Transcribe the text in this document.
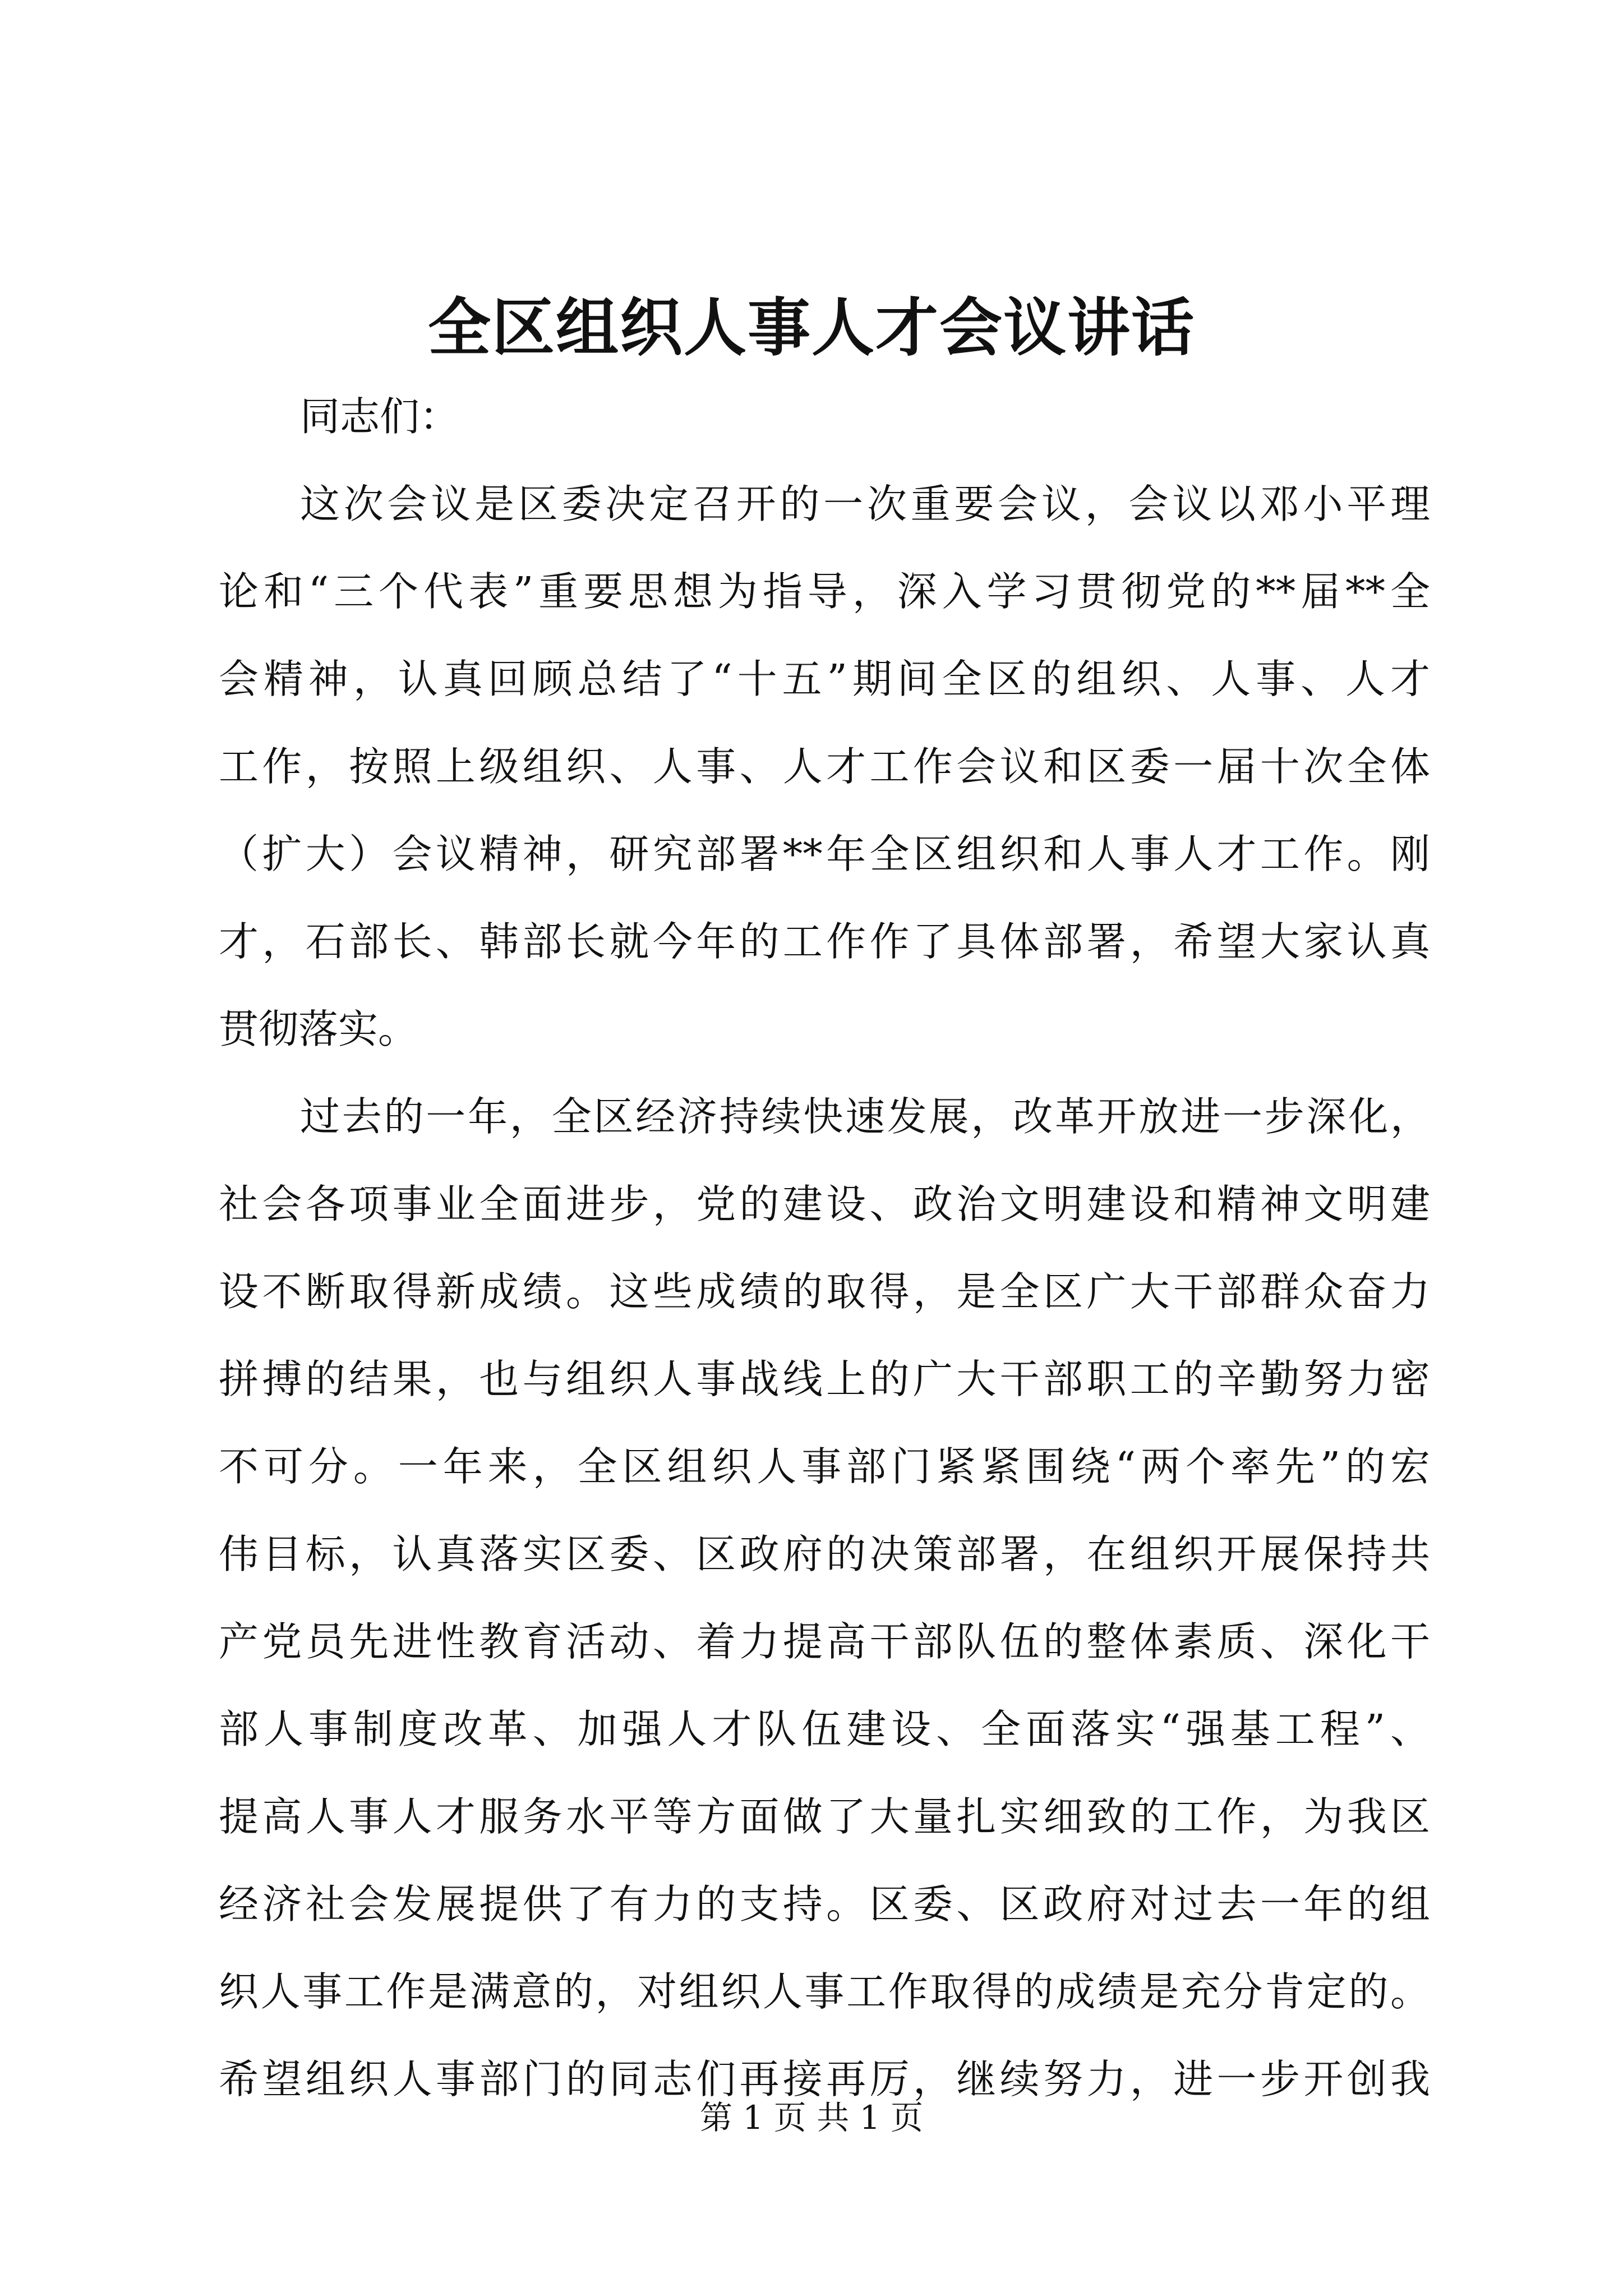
全区组织人事人才会议讲话
同志们：
这次会议是区委决定召开的一次重要会议，会议以邓小平理
论和“三个代表”重要思想为指导，深入学习贯彻党的**届**全
会精神，认真回顾总结了“十五”期间全区的组织、人事、人才
工作，按照上级组织、人事、人才工作会议和区委一届十次全体
（扩大）会议精神，研究部署**年全区组织和人事人才工作。刚
才，石部长、韩部长就今年的工作作了具体部署，希望大家认真
贯彻落实。
过去的一年，全区经济持续快速发展，改革开放进一步深化，
社会各项事业全面进步，党的建设、政治文明建设和精神文明建
设不断取得新成绩。这些成绩的取得，是全区广大干部群众奋力
拼搏的结果，也与组织人事战线上的广大干部职工的辛勤努力密
不可分。一年来，全区组织人事部门紧紧围绕“两个率先”的宏
伟目标，认真落实区委、区政府的决策部署，在组织开展保持共
产党员先进性教育活动、着力提高干部队伍的整体素质、深化干
部人事制度改革、加强人才队伍建设、全面落实“强基工程”、
提高人事人才服务水平等方面做了大量扎实细致的工作，为我区
经济社会发展提供了有力的支持。区委、区政府对过去一年的组
织人事工作是满意的，对组织人事工作取得的成绩是充分肯定的。
希望组织人事部门的同志们再接再厉，继续努力，进一步开创我
第 1 页 共 1 页
